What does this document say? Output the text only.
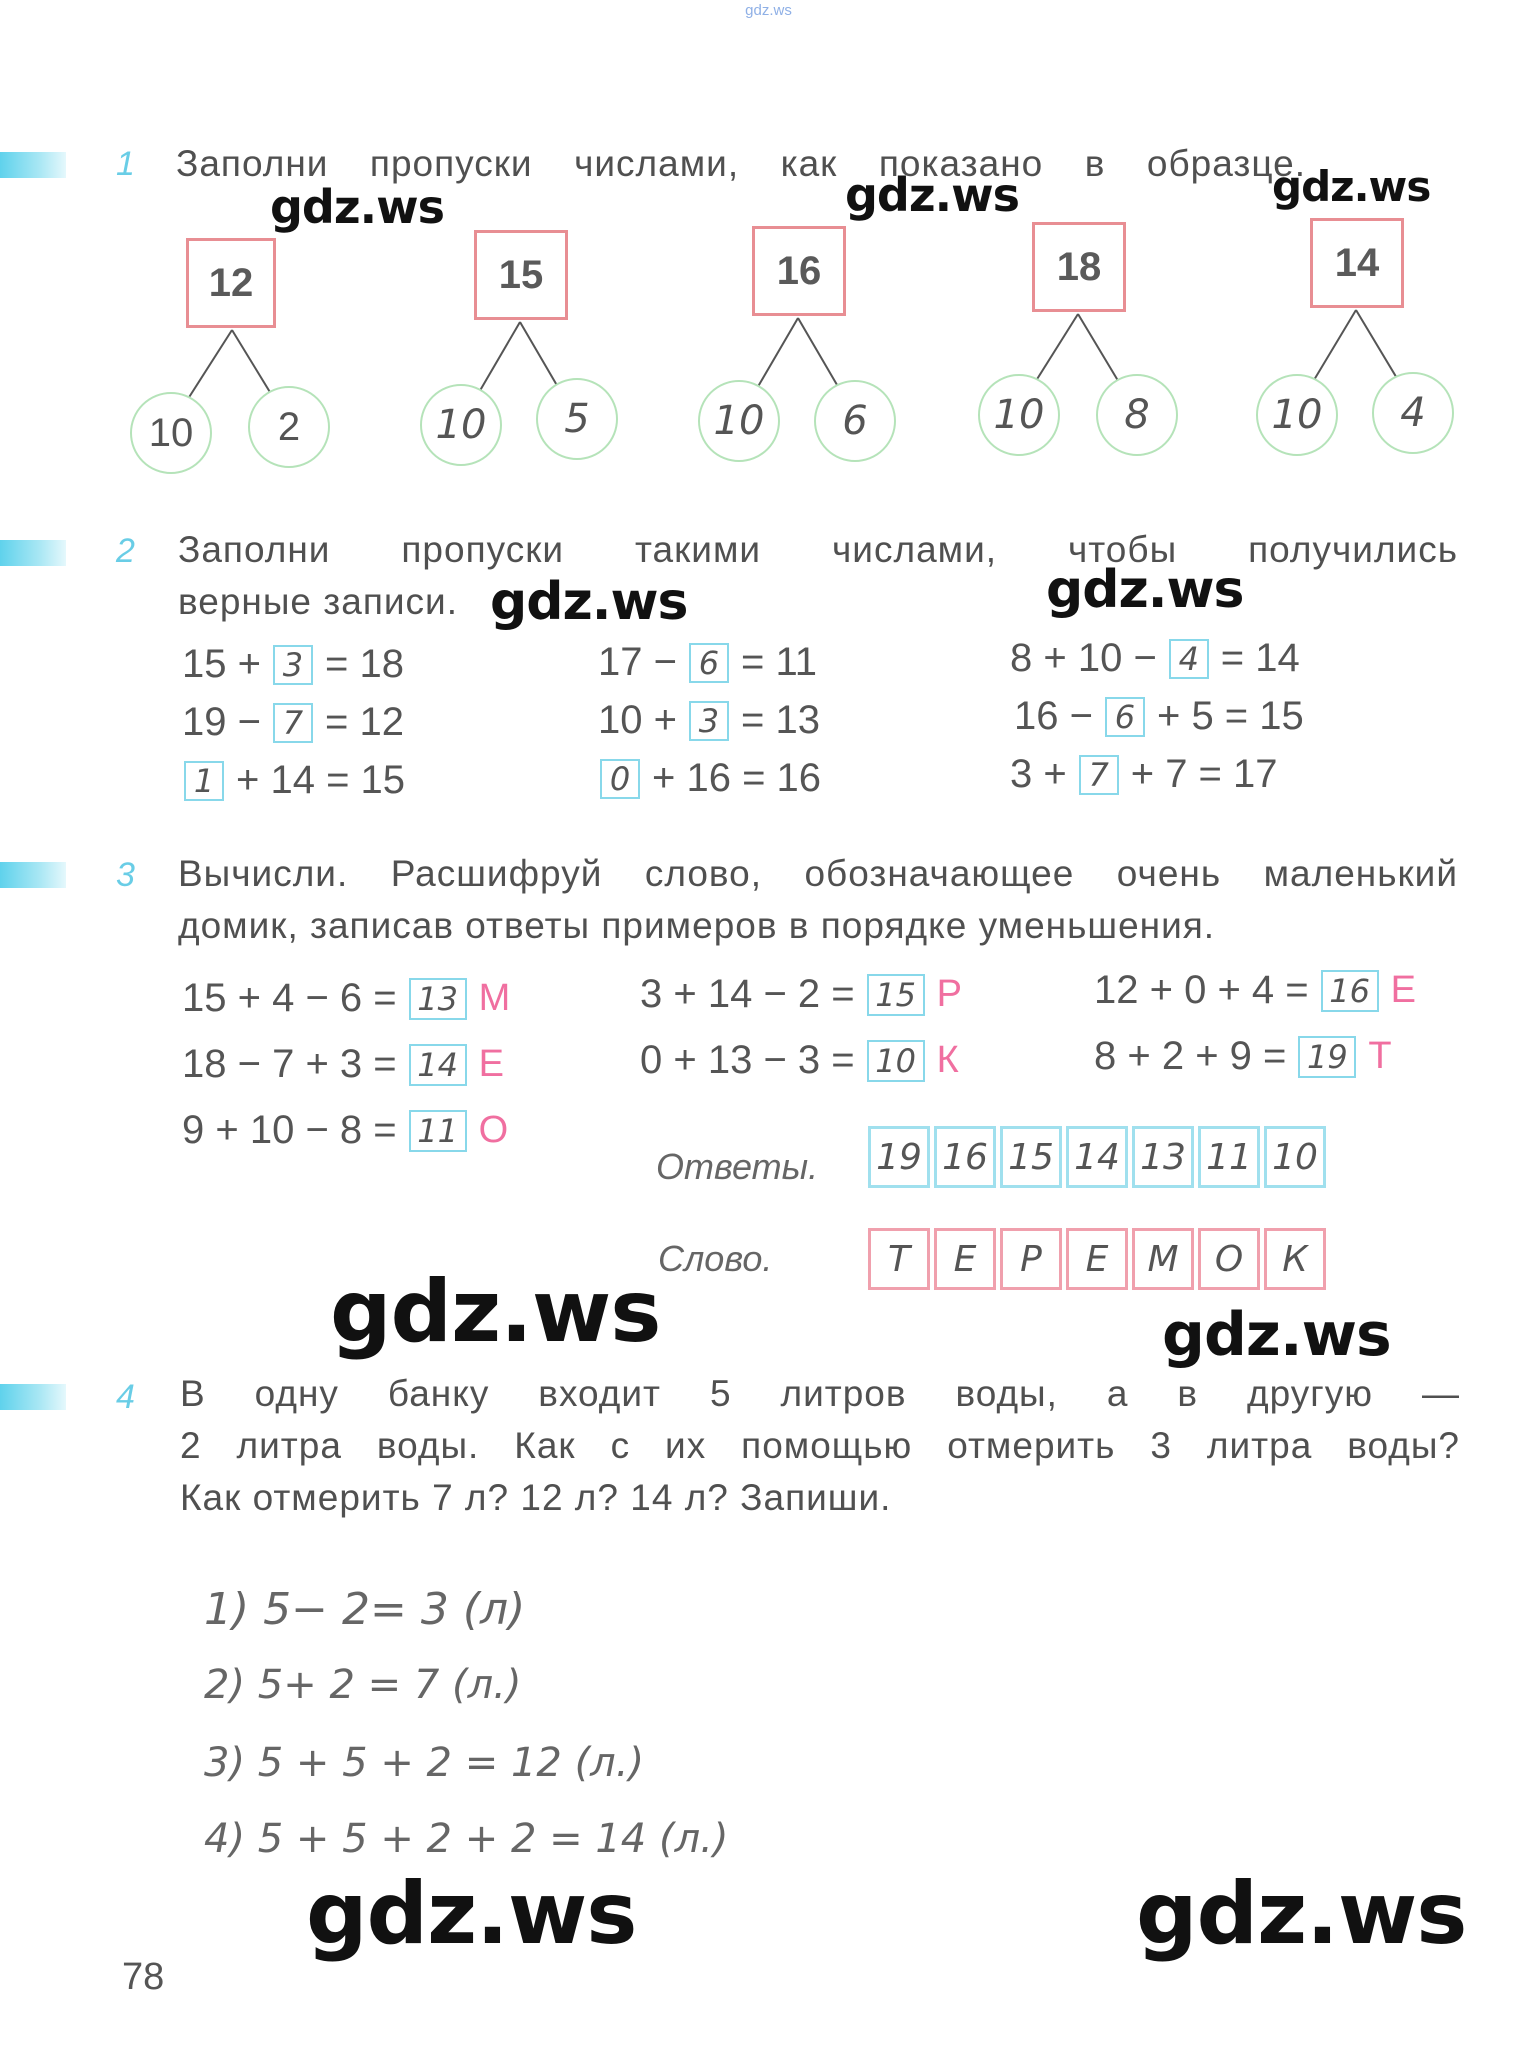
gdz.ws
1 Заполни пропуски числами, как показано в образце.
gdz.ws	gdz.ws	gdz.ws
12
10	2
15
10	5
16
10	6
18
10	8
14
10	4
2 Заполни пропуски такими числами, чтобы получились
верные записи. gdz.ws	gdz.ws
15 + 3 = 18
19 − 7 = 12
1 + 14 = 15
17 − 6 = 11
10 + 3 = 13
0 + 16 = 16
8 + 10 − 4 = 14
16 − 6 + 5 = 15
3 + 7 + 7 = 17
3 Вычисли. Расшифруй слово, обозначающее очень маленький
домик, записав ответы примеров в порядке уменьшения.
15 + 4 − 6 = 13 М
18 − 7 + 3 = 14 Е
9 + 10 − 8 = 11 О
3 + 14 − 2 = 15 Р
0 + 13 − 3 = 10 К
12 + 0 + 4 = 16 Е
8 + 2 + 9 = 19 Т
Ответы. 19 16 15 14 13 11 10
Слово.	Т	Е	Р	Е	М	О	К
gdz.ws	gdz.ws
4 В одну банку входит 5 литров воды, а в другую —
2 литра воды. Как с их помощью отмерить 3 литра воды?
Как отмерить 7 л? 12 л? 14 л? Запиши.
1) 5− 2= 3 (л)
2) 5+ 2 = 7 (л.)
3) 5 + 5 + 2 = 12 (л.)
4) 5 + 5 + 2 + 2 = 14 (л.)
gdz.ws	gdz.ws
78
